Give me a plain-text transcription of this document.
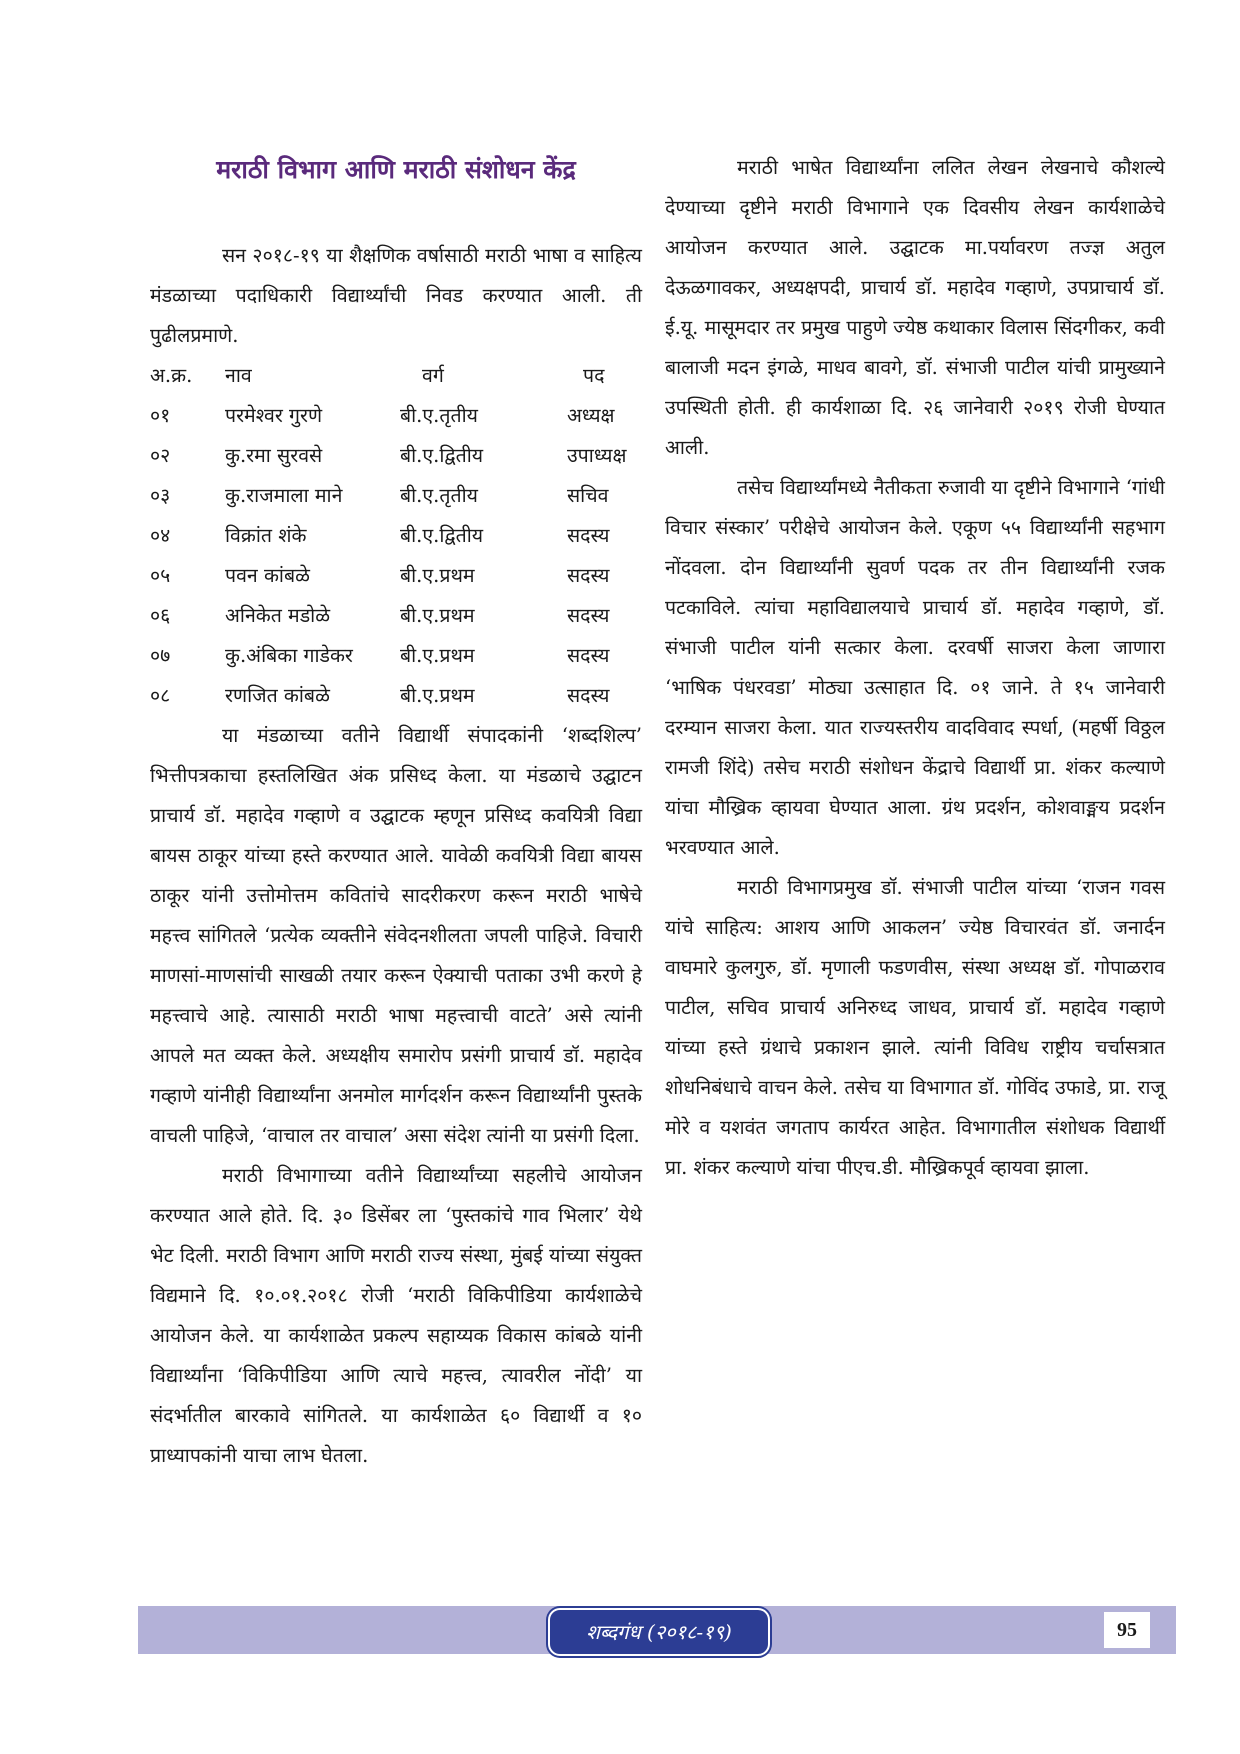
मराठी विभाग आणि मराठी संशोधन केंद्र

सन २०१८-१९ या शैक्षणिक वर्षासाठी मराठी भाषा व साहित्य मंडळाच्या पदाधिकारी विद्यार्थ्यांची निवड करण्यात आली. ती पुढीलप्रमाणे.

अ.क्र.	नाव	वर्ग	पद
०१	परमेश्वर गुरणे	बी.ए.तृतीय	अध्यक्ष
०२	कु.रमा सुरवसे	बी.ए.द्वितीय	उपाध्यक्ष
०३	कु.राजमाला माने	बी.ए.तृतीय	सचिव
०४	विक्रांत शंके	बी.ए.द्वितीय	सदस्य
०५	पवन कांबळे	बी.ए.प्रथम	सदस्य
०६	अनिकेत मडोळे	बी.ए.प्रथम	सदस्य
०७	कु.अंबिका गाडेकर	बी.ए.प्रथम	सदस्य
०८	रणजित कांबळे	बी.ए.प्रथम	सदस्य

या मंडळाच्या वतीने विद्यार्थी संपादकांनी ‘शब्दशिल्प’ भित्तीपत्रकाचा हस्तलिखित अंक प्रसिध्द केला. या मंडळाचे उद्घाटन प्राचार्य डॉ. महादेव गव्हाणे व उद्घाटक म्हणून प्रसिध्द कवयित्री विद्या बायस ठाकूर यांच्या हस्ते करण्यात आले. यावेळी कवयित्री विद्या बायस ठाकूर यांनी उत्तोमोत्तम कवितांचे सादरीकरण करून मराठी भाषेचे महत्त्व सांगितले ‘प्रत्येक व्यक्तीने संवेदनशीलता जपली पाहिजे. विचारी माणसां-माणसांची साखळी तयार करून ऐक्याची पताका उभी करणे हे महत्त्वाचे आहे. त्यासाठी मराठी भाषा महत्त्वाची वाटते’ असे त्यांनी आपले मत व्यक्त केले. अध्यक्षीय समारोप प्रसंगी प्राचार्य डॉ. महादेव गव्हाणे यांनीही विद्यार्थ्यांना अनमोल मार्गदर्शन करून विद्यार्थ्यांनी पुस्तके वाचली पाहिजे, ‘वाचाल तर वाचाल’ असा संदेश त्यांनी या प्रसंगी दिला.

मराठी विभागाच्या वतीने विद्यार्थ्यांच्या सहलीचे आयोजन करण्यात आले होते. दि. ३० डिसेंबर ला ‘पुस्तकांचे गाव भिलार’ येथे भेट दिली. मराठी विभाग आणि मराठी राज्य संस्था, मुंबई यांच्या संयुक्त विद्यमाने दि. १०.०१.२०१८ रोजी ‘मराठी विकिपीडिया कार्यशाळेचे आयोजन केले. या कार्यशाळेत प्रकल्प सहाय्यक विकास कांबळे यांनी विद्यार्थ्यांना ‘विकिपीडिया आणि त्याचे महत्त्व, त्यावरील नोंदी’ या संदर्भातील बारकावे सांगितले. या कार्यशाळेत ६० विद्यार्थी व १० प्राध्यापकांनी याचा लाभ घेतला.

मराठी भाषेत विद्यार्थ्यांना ललित लेखन लेखनाचे कौशल्ये देण्याच्या दृष्टीने मराठी विभागाने एक दिवसीय लेखन कार्यशाळेचे आयोजन करण्यात आले. उद्घाटक मा.पर्यावरण तज्ज्ञ अतुल देऊळगावकर, अध्यक्षपदी, प्राचार्य डॉ. महादेव गव्हाणे, उपप्राचार्य डॉ. ई.यू. मासूमदार तर प्रमुख पाहुणे ज्येष्ठ कथाकार विलास सिंदगीकर, कवी बालाजी मदन इंगळे, माधव बावगे, डॉ. संभाजी पाटील यांची प्रामुख्याने उपस्थिती होती. ही कार्यशाळा दि. २६ जानेवारी २०१९ रोजी घेण्यात आली.

तसेच विद्यार्थ्यांमध्ये नैतीकता रुजावी या दृष्टीने विभागाने ‘गांधी विचार संस्कार’ परीक्षेचे आयोजन केले. एकूण ५५ विद्यार्थ्यांनी सहभाग नोंदवला. दोन विद्यार्थ्यांनी सुवर्ण पदक तर तीन विद्यार्थ्यांनी रजक पटकाविले. त्यांचा महाविद्यालयाचे प्राचार्य डॉ. महादेव गव्हाणे, डॉ. संभाजी पाटील यांनी सत्कार केला. दरवर्षी साजरा केला जाणारा ‘भाषिक पंधरवडा’ मोठ्या उत्साहात दि. ०१ जाने. ते १५ जानेवारी दरम्यान साजरा केला. यात राज्यस्तरीय वादविवाद स्पर्धा, (महर्षी विठ्ठल रामजी शिंदे) तसेच मराठी संशोधन केंद्राचे विद्यार्थी प्रा. शंकर कल्याणे यांचा मौख्रिक व्हायवा घेण्यात आला. ग्रंथ प्रदर्शन, कोशवाङ्मय प्रदर्शन भरवण्यात आले.

मराठी विभागप्रमुख डॉ. संभाजी पाटील यांच्या ‘राजन गवस यांचे साहित्य: आशय आणि आकलन’ ज्येष्ठ विचारवंत डॉ. जनार्दन वाघमारे कुलगुरु, डॉ. मृणाली फडणवीस, संस्था अध्यक्ष डॉ. गोपाळराव पाटील, सचिव प्राचार्य अनिरुध्द जाधव, प्राचार्य डॉ. महादेव गव्हाणे यांच्या हस्ते ग्रंथाचे प्रकाशन झाले. त्यांनी विविध राष्ट्रीय चर्चासत्रात शोधनिबंधाचे वाचन केले. तसेच या विभागात डॉ. गोविंद उफाडे, प्रा. राजू मोरे व यशवंत जगताप कार्यरत आहेत. विभागातील संशोधक विद्यार्थी प्रा. शंकर कल्याणे यांचा पीएच.डी. मौख्रिकपूर्व व्हायवा झाला.

शब्दगंध (२०१८-१९)	95
